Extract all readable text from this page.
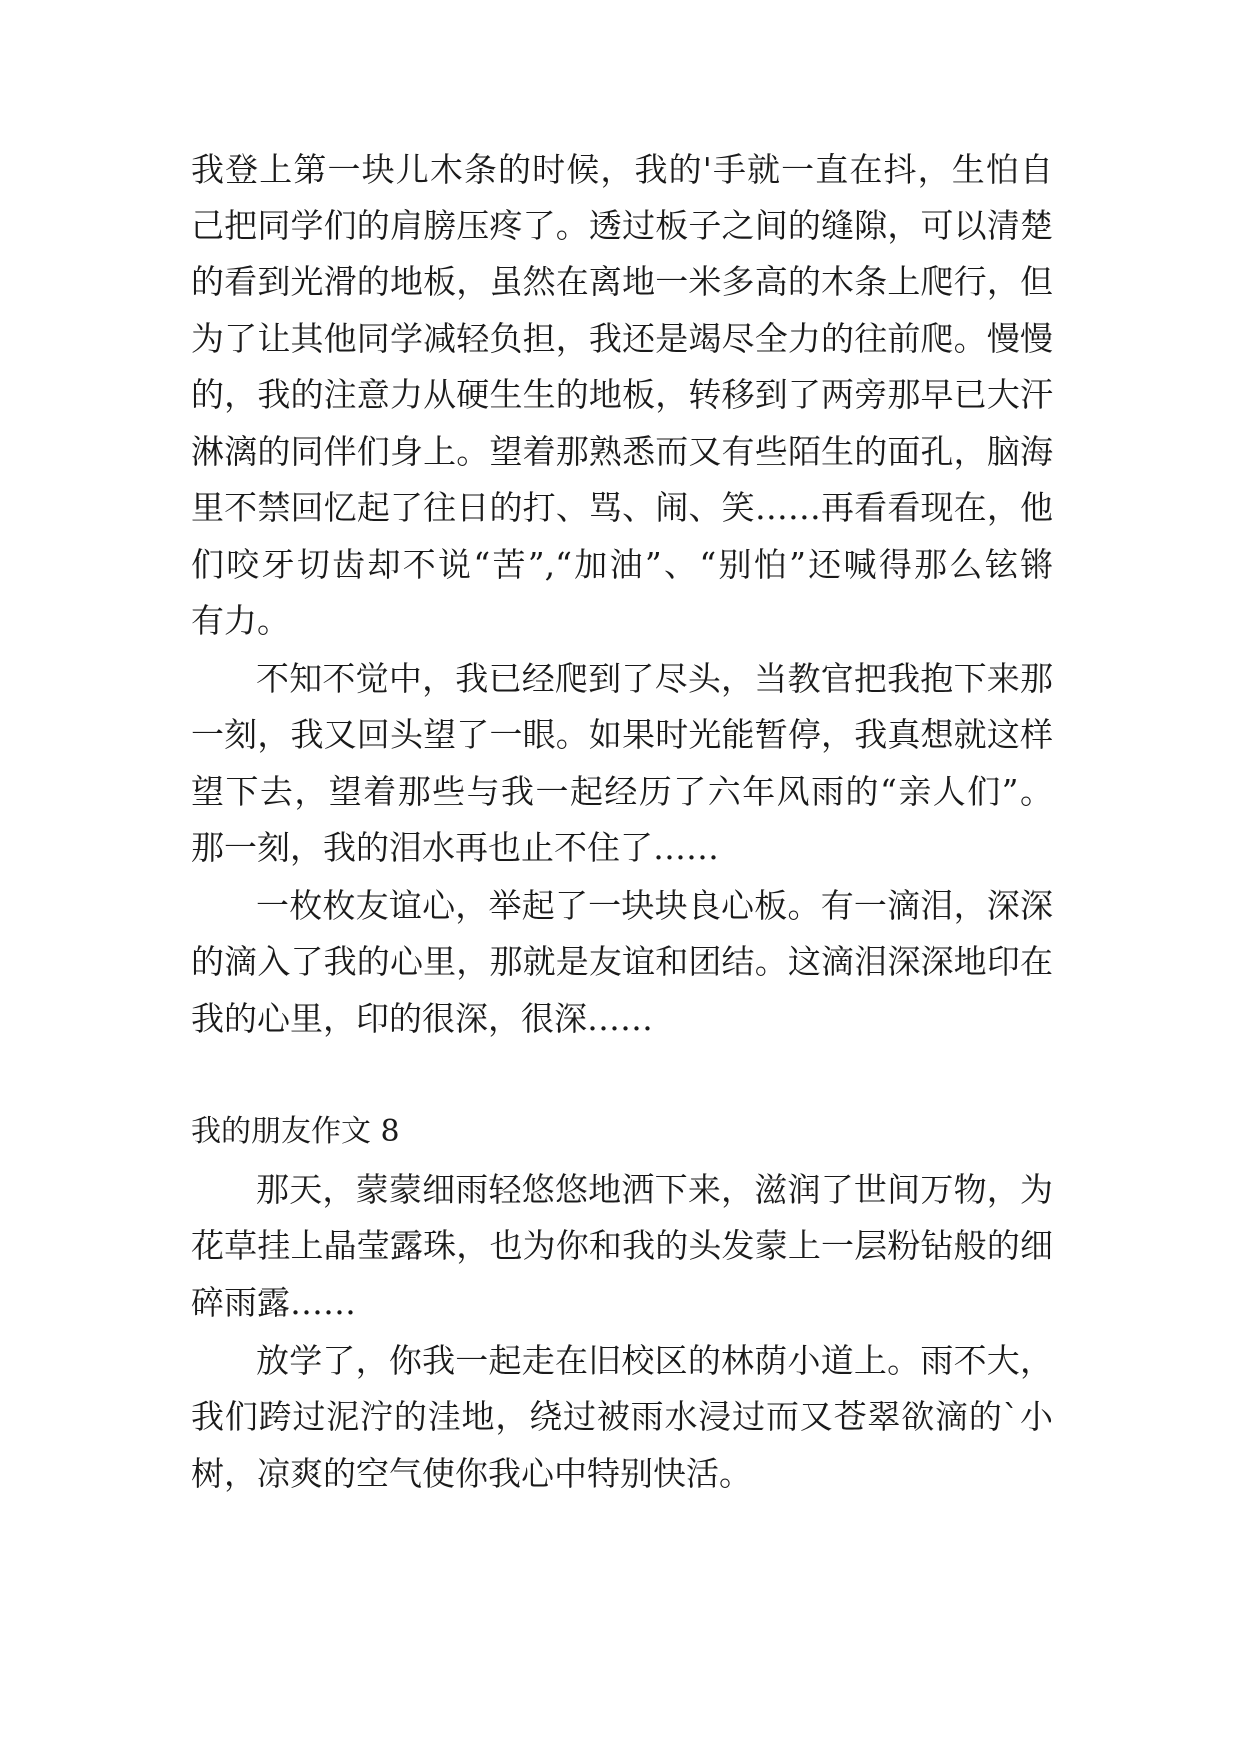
我登上第一块儿木条的时候，我的'手就一直在抖，生怕自
己把同学们的肩膀压疼了。透过板子之间的缝隙，可以清楚
的看到光滑的地板，虽然在离地一米多高的木条上爬行，但
为了让其他同学减轻负担，我还是竭尽全力的往前爬。慢慢
的，我的注意力从硬生生的地板，转移到了两旁那早已大汗
淋漓的同伴们身上。望着那熟悉而又有些陌生的面孔，脑海
里不禁回忆起了往日的打、骂、闹、笑……再看看现在，他
们咬牙切齿却不说“苦”,“加油”、“别怕”还喊得那么铉锵
有力。
不知不觉中，我已经爬到了尽头，当教官把我抱下来那
一刻，我又回头望了一眼。如果时光能暂停，我真想就这样
望下去，望着那些与我一起经历了六年风雨的“亲人们”。
那一刻，我的泪水再也止不住了……
一枚枚友谊心，举起了一块块良心板。有一滴泪，深深
的滴入了我的心里，那就是友谊和团结。这滴泪深深地印在
我的心里，印的很深，很深……
我的朋友作文 8
那天，蒙蒙细雨轻悠悠地洒下来，滋润了世间万物，为
花草挂上晶莹露珠，也为你和我的头发蒙上一层粉钻般的细
碎雨露……
放学了，你我一起走在旧校区的林荫小道上。雨不大，
我们跨过泥泞的洼地，绕过被雨水浸过而又苍翠欲滴的`小
树，凉爽的空气使你我心中特别快活。
